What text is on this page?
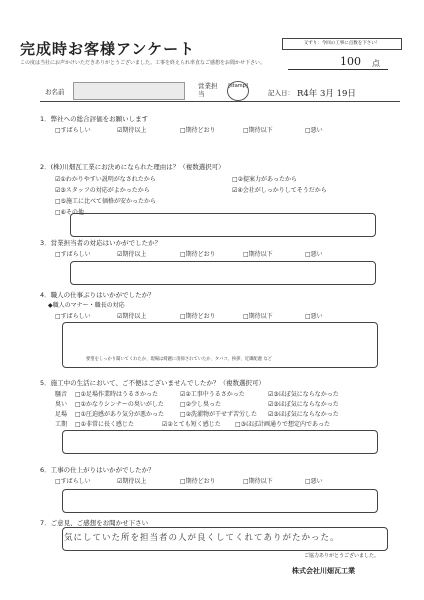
完成時お客様アンケート
この度は当社にお声かけいただきありがとうございました。工事を終えられ率直なご感想をお聞かせ下さい。
又ずり：今回の工事に点数を下さい！
100 点
お名前
営業担当
[stamp]
記入日： R4年 3月 19日
1．弊社への総合評価をお願いします
□すばらしい	☑期待以上	□期待どおり	□期待以下	□悪い
2．(株)川畑瓦工業にお決めになられた理由は？（複数選択可）
☑①わかりやすい説明がなされたから	□②提案力があったから
☑③スタッフの対応がよかったから	☑④会社がしっかりしてそうだから
□⑤施工に比べて価格が安かったから
□⑥その他
3．営業担当者の対応はいかがでしたか？
□すばらしい	☑期待以上	□期待どおり	□期待以下	□悪い
4．職人の仕事ぶりはいかがでしたか？
◆職人のマナー・職長の対応
□すばらしい	☑期待以上	□期待どおり	□期待以下	□悪い
要望をしっかり聞いてくれたか、現場は綺麗に清掃されていたか、タバコ、挨拶、近隣配慮 など
5．施工中の生活において、ご不便はございませんでしたか？（複数選択可）
騒音 □①足場作業時はうるさかった	☑②工事中うるさかった	☑③ほぼ気にならなかった
臭い □①かなりシンナーの臭いがした	□②少し臭った	☑③ほぼ気にならなかった
足場 □①圧迫感があり気分が悪かった	□②洗濯物が干せず苦労した ☑③ほぼ気にならなかった
工期 □①非常に長く感じた	☑②とても短く感じた □③ほぼ計画通りで想定内であった
6．工事の仕上がりはいかがでしたか？
□すばらしい	☑期待以上	□期待どおり	□期待以下	□悪い
7．ご意見、ご感想をお聞かせ下さい
気にしていた所を担当者の人が良くしてくれてありがたかった。
ご協力ありがとうございました。
株式会社川畑瓦工業
